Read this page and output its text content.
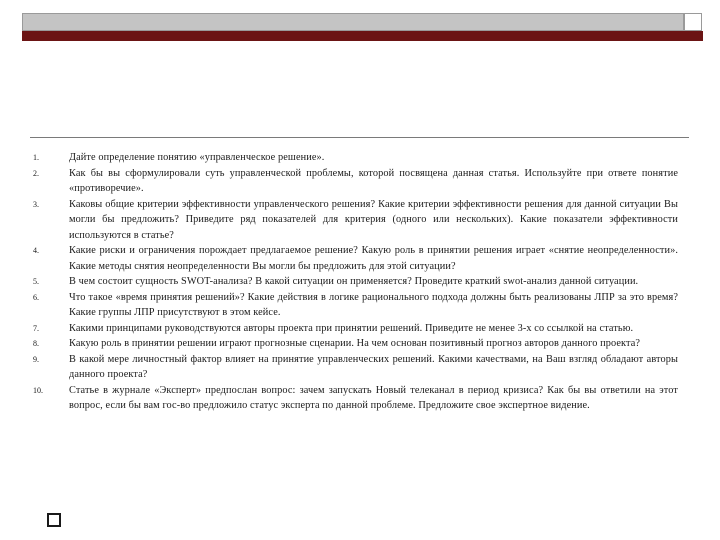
1.	Дайте определение понятию «управленческое решение».
2.	Как бы вы сформулировали суть управленческой проблемы, которой посвящена данная статья. Используйте при ответе понятие «противоречие».
3.	Каковы общие критерии эффективности управленческого решения? Какие критерии эффективности решения для данной ситуации Вы могли бы предложить? Приведите ряд показателей для критерия (одного или нескольких). Какие показатели эффективности используются в статье?
4.	Какие риски и ограничения порождает предлагаемое решение? Какую роль в принятии решения играет «снятие неопределенности». Какие методы снятия неопределенности Вы могли бы предложить для этой ситуации?
5.	В чем состоит сущность SWOT-анализа? В какой ситуации он применяется? Проведите краткий swot-анализ данной ситуации.
6.	Что такое «время принятия решений»? Какие действия в логике рационального подхода должны быть реализованы ЛПР за это время? Какие группы ЛПР присутствуют в этом кейсе.
7.	Какими принципами руководствуются авторы проекта при принятии решений. Приведите не менее 3-х со ссылкой на статью.
8.	Какую роль в принятии решении играют прогнозные сценарии. На чем основан позитивный прогноз авторов данного проекта?
9.	В какой мере личностный фактор влияет на принятие управленческих решений. Какими качествами, на Ваш взгляд обладают авторы данного проекта?
10.	Статье в журнале «Эксперт» предпослан вопрос: зачем запускать Новый телеканал в период кризиса? Как бы вы ответили на этот вопрос, если бы вам гос-во предложило статус эксперта по данной проблеме. Предложите свое экспертное видение.
